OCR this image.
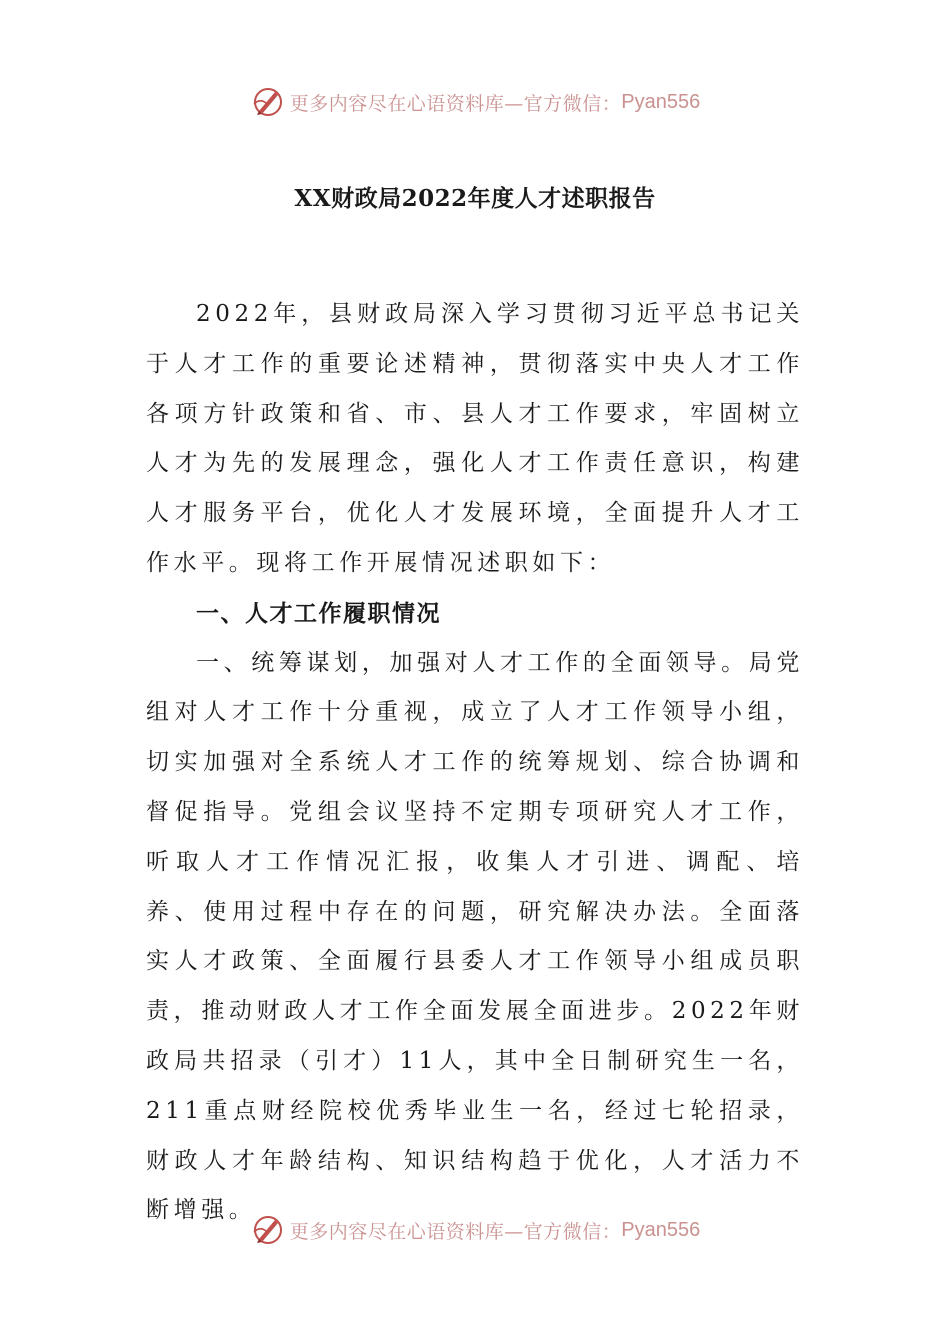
更多内容尽在心语资料库—官方微信： Pyan556
XX财政局2022年度人才述职报告

2022年，县财政局深入学习贯彻习近平总书记关于人才工作的重要论述精神，贯彻落实中央人才工作各项方针政策和省、市、县人才工作要求，牢固树立人才为先的发展理念，强化人才工作责任意识，构建人才服务平台，优化人才发展环境，全面提升人才工作水平。现将工作开展情况述职如下：

一、人才工作履职情况

一、统筹谋划，加强对人才工作的全面领导。局党组对人才工作十分重视，成立了人才工作领导小组，切实加强对全系统人才工作的统筹规划、综合协调和督促指导。党组会议坚持不定期专项研究人才工作，听取人才工作情况汇报，收集人才引进、调配、培养、使用过程中存在的问题，研究解决办法。全面落实人才政策、全面履行县委人才工作领导小组成员职责，推动财政人才工作全面发展全面进步。2022年财政局共招录（引才）11人，其中全日制研究生一名，211重点财经院校优秀毕业生一名，经过七轮招录，财政人才年龄结构、知识结构趋于优化，人才活力不断增强。

更多内容尽在心语资料库—官方微信： Pyan556
